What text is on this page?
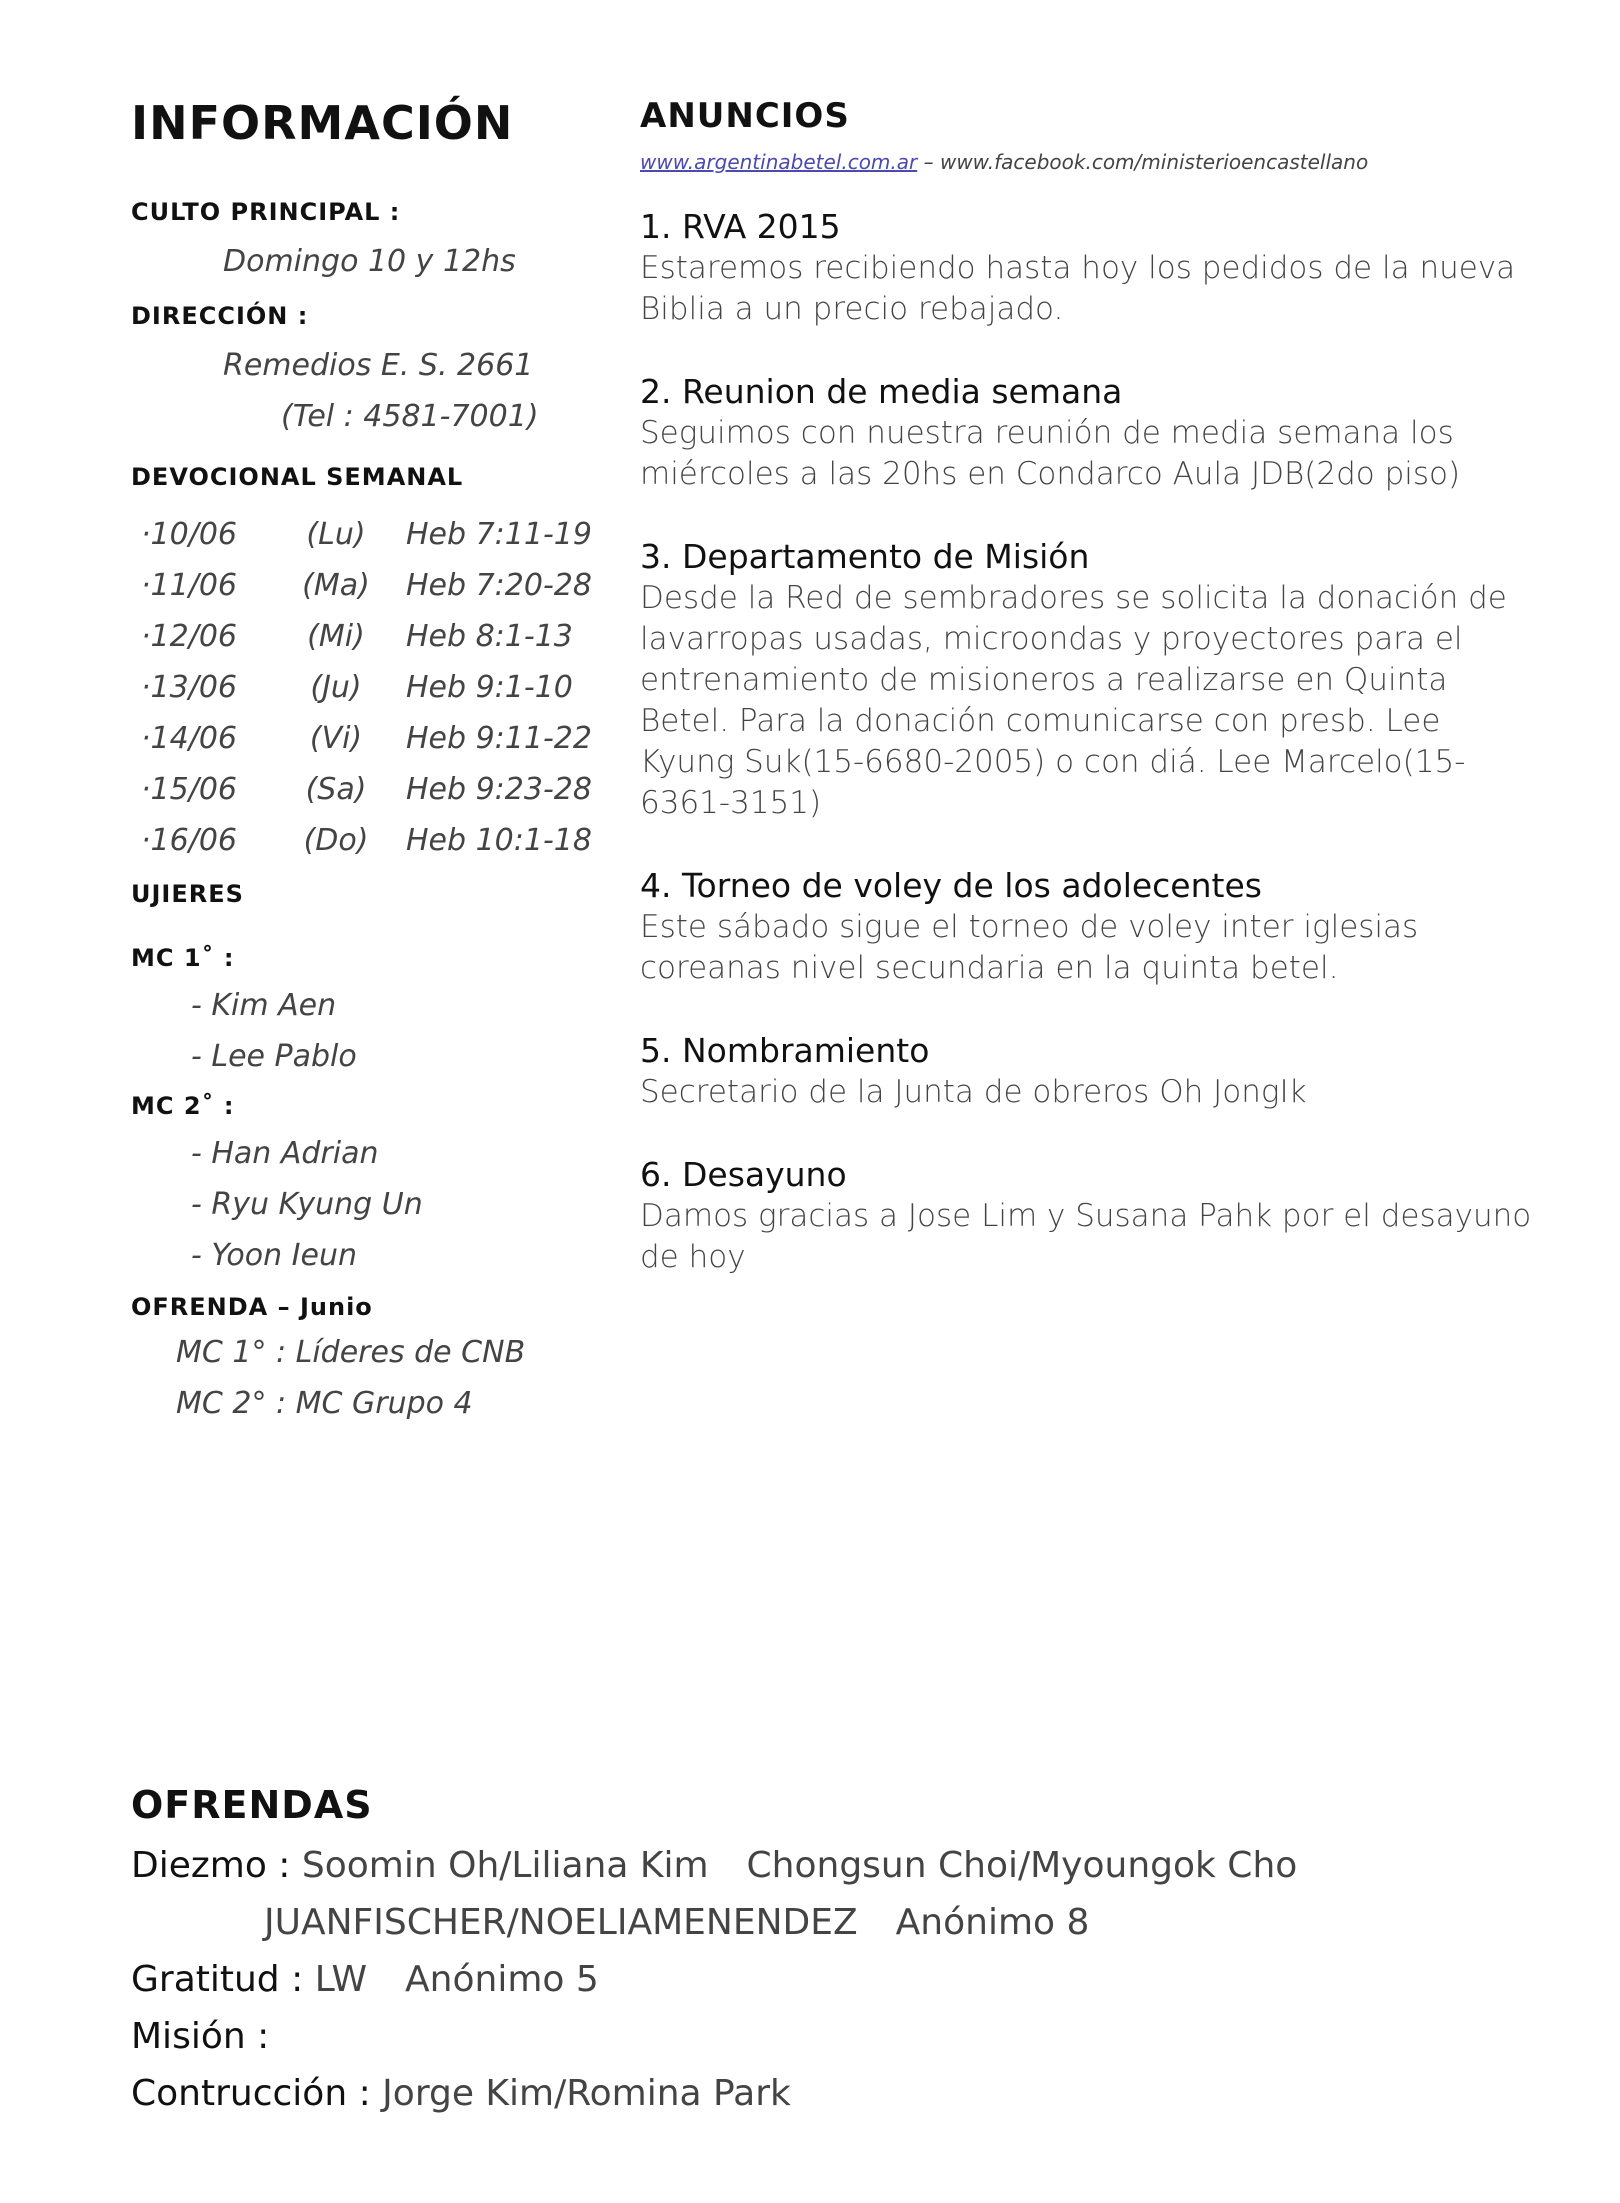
INFORMACIÓN
CULTO PRINCIPAL :
Domingo 10 y 12hs
DIRECCIÓN :
Remedios E. S. 2661
(Tel : 4581-7001)
DEVOCIONAL SEMANAL
·10/06	(Lu)	Heb 7:11-19
·11/06	(Ma)	Heb 7:20-28
·12/06	(Mi)	Heb 8:1-13
·13/06	(Ju)	Heb 9:1-10
·14/06	(Vi)	Heb 9:11-22
·15/06	(Sa)	Heb 9:23-28
·16/06	(Do)	Heb 10:1-18
UJIERES
MC 1˚ :
- Kim Aen
- Lee Pablo
MC 2˚ :
- Han Adrian
- Ryu Kyung Un
- Yoon Ieun
OFRENDA – Junio
MC 1° : Líderes de CNB
MC 2° : MC Grupo 4
ANUNCIOS
www.argentinabetel.com.ar – www.facebook.com/ministerioencastellano
1. RVA 2015
Estaremos recibiendo hasta hoy los pedidos de la nueva Biblia a un precio rebajado.
2. Reunion de media semana
Seguimos con nuestra reunión de media semana los miércoles a las 20hs en Condarco Aula JDB(2do piso)
3. Departamento de Misión
Desde la Red de sembradores se solicita la donación de lavarropas usadas, microondas y proyectores para el entrenamiento de misioneros a realizarse en Quinta Betel. Para la donación comunicarse con presb. Lee Kyung Suk(15-6680-2005) o con diá. Lee Marcelo(15-6361-3151)
4. Torneo de voley de los adolecentes
Este sábado sigue el torneo de voley inter iglesias coreanas nivel secundaria en la quinta betel.
5. Nombramiento
Secretario de la Junta de obreros Oh JongIk
6. Desayuno
Damos gracias a Jose Lim y Susana Pahk por el desayuno de hoy
OFRENDAS
Diezmo :
Soomin Oh/Liliana Kim Chongsun Choi/Myoungok Cho
JUANFISCHER/NOELIAMENENDEZ Anónimo 8
Gratitud :
LW Anónimo 5
Misión :
Contrucción :
Jorge Kim/Romina Park
